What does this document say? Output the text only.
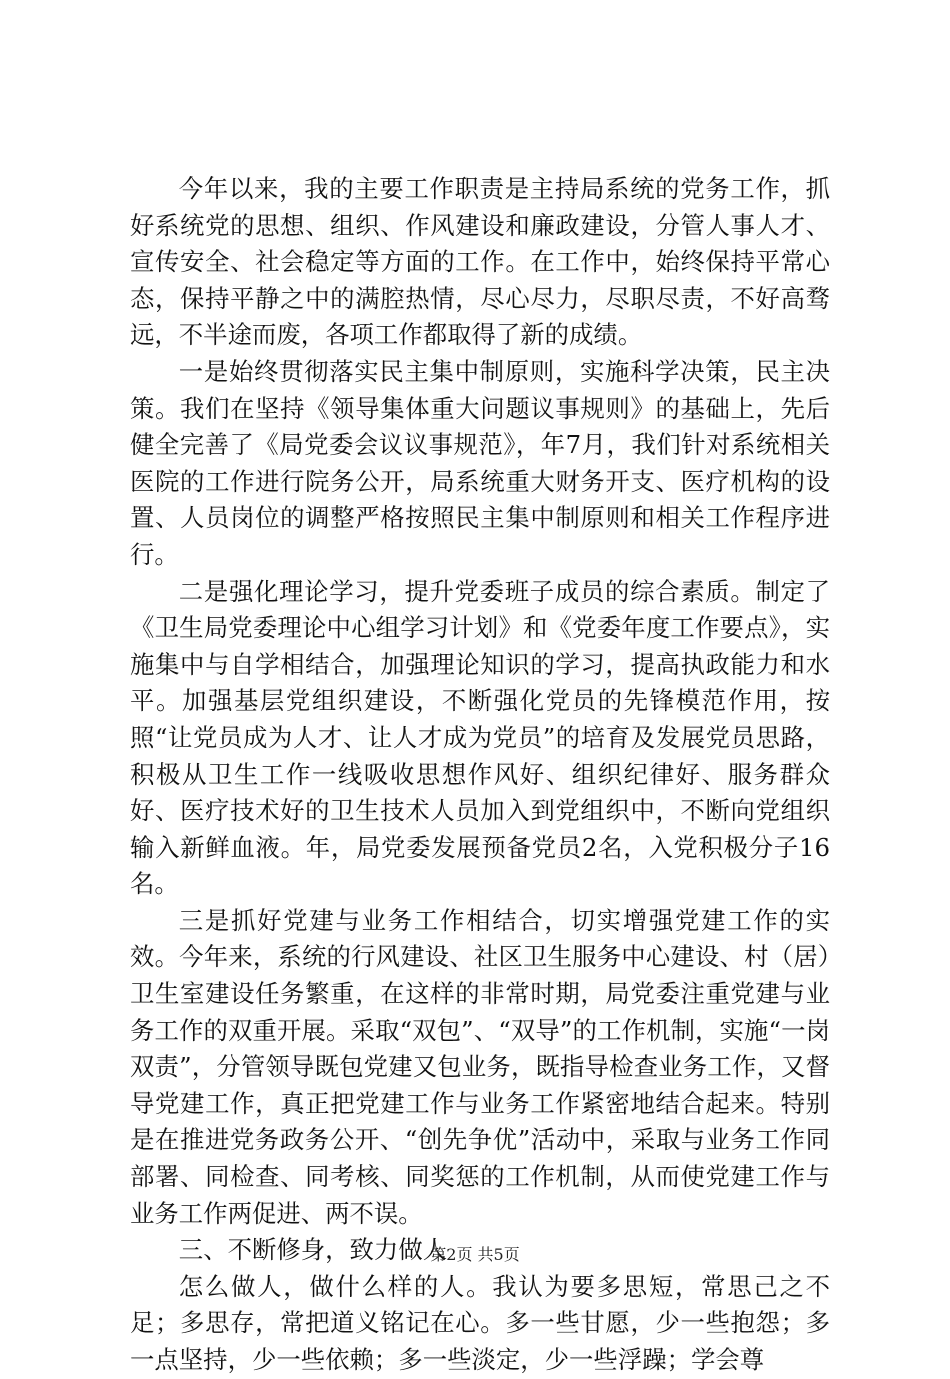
今年以来，我的主要工作职责是主持局系统的党务工作，抓好系统党的思想、组织、作风建设和廉政建设，分管人事人才、宣传安全、社会稳定等方面的工作。在工作中，始终保持平常心态，保持平静之中的满腔热情，尽心尽力，尽职尽责，不好高骛远，不半途而废，各项工作都取得了新的成绩。

一是始终贯彻落实民主集中制原则，实施科学决策，民主决策。我们在坚持《领导集体重大问题议事规则》的基础上，先后健全完善了《局党委会议议事规范》，年7月，我们针对系统相关医院的工作进行院务公开，局系统重大财务开支、医疗机构的设置、人员岗位的调整严格按照民主集中制原则和相关工作程序进行。

二是强化理论学习，提升党委班子成员的综合素质。制定了《卫生局党委理论中心组学习计划》和《党委年度工作要点》，实施集中与自学相结合，加强理论知识的学习，提高执政能力和水平。加强基层党组织建设，不断强化党员的先锋模范作用，按照“让党员成为人才、让人才成为党员”的培育及发展党员思路，积极从卫生工作一线吸收思想作风好、组织纪律好、服务群众好、医疗技术好的卫生技术人员加入到党组织中，不断向党组织输入新鲜血液。年，局党委发展预备党员2名，入党积极分子16名。

三是抓好党建与业务工作相结合，切实增强党建工作的实效。今年来，系统的行风建设、社区卫生服务中心建设、村（居）卫生室建设任务繁重，在这样的非常时期，局党委注重党建与业务工作的双重开展。采取“双包”、“双导”的工作机制，实施“一岗双责”，分管领导既包党建又包业务，既指导检查业务工作，又督导党建工作，真正把党建工作与业务工作紧密地结合起来。特别是在推进党务政务公开、“创先争优”活动中，采取与业务工作同部署、同检查、同考核、同奖惩的工作机制，从而使党建工作与业务工作两促进、两不误。

三、不断修身，致力做人

怎么做人，做什么样的人。我认为要多思短，常思己之不足；多思存，常把道义铭记在心。多一些甘愿，少一些抱怨；多一点坚持，少一些依赖；多一些淡定，少一些浮躁；学会尊

第2页 共5页
